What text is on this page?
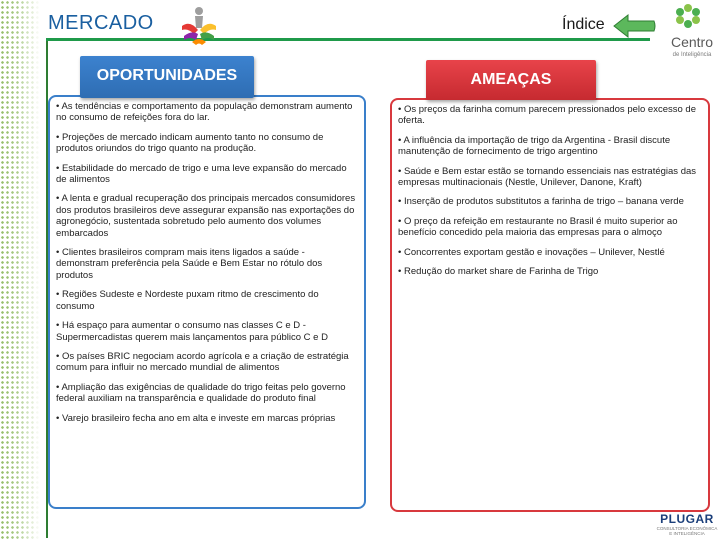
MERCADO	Índice
Centro
de Inteligência
• As tendências e comportamento da população demonstram aumento no consumo de refeições fora do lar.
• Projeções de mercado indicam aumento tanto no consumo de produtos oriundos do trigo quanto na produção.
• Estabilidade do mercado de trigo e uma leve expansão do mercado de alimentos
• A lenta e gradual recuperação dos principais mercados consumidores dos produtos brasileiros deve assegurar expansão nas exportações do agronegócio, sustentada sobretudo pelo aumento dos volumes embarcados
• Clientes brasileiros compram mais itens ligados a saúde - demonstram preferência pela Saúde e Bem Estar no rótulo dos produtos
• Regiões Sudeste e Nordeste puxam ritmo de crescimento do consumo
• Há espaço para aumentar o consumo nas classes C e D - Supermercadistas querem mais lançamentos para público C e D
• Os países BRIC negociam acordo agrícola e a criação de estratégia comum para influir no mercado mundial de alimentos
• Ampliação das exigências de qualidade do trigo feitas pelo governo federal auxiliam na transparência e qualidade do produto final
• Varejo brasileiro fecha ano em alta e investe em marcas próprias
OPORTUNIDADES
• Os preços da farinha comum parecem pressionados pelo excesso de oferta.
• A influência da importação de trigo da Argentina - Brasil discute manutenção de fornecimento de trigo argentino
• Saúde e Bem estar estão se tornando essenciais nas estratégias das empresas multinacionais (Nestle, Unilever, Danone, Kraft)
• Inserção de produtos substitutos a farinha de trigo – banana verde
• O preço da refeição em restaurante no Brasil é muito superior ao benefício concedido pela maioria das empresas para o almoço
• Concorrentes exportam gestão e inovações – Unilever, Nestlé
• Redução do market share de Farinha de Trigo
AMEAÇAS
PLUGAR
CONSULTORIA ECONÔMICA E INTELIGÊNCIA
